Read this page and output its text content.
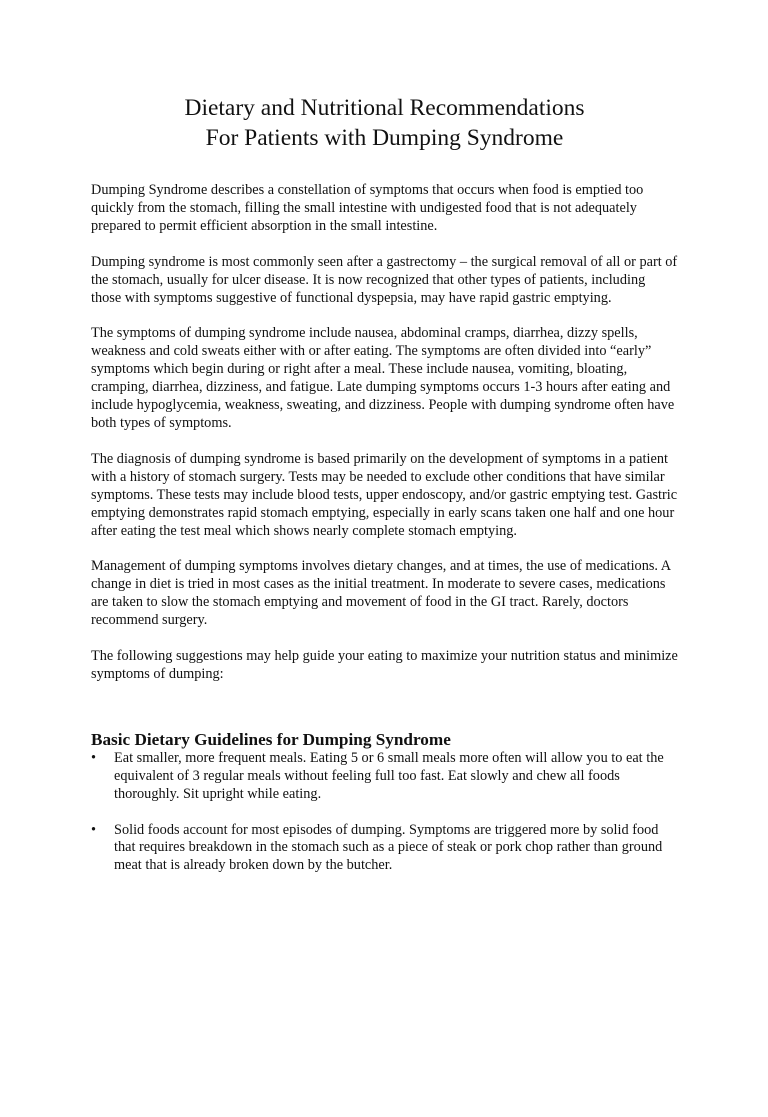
Dietary and Nutritional Recommendations
For Patients with Dumping Syndrome

Dumping Syndrome describes a constellation of symptoms that occurs when food is emptied too quickly from the stomach, filling the small intestine with undigested food that is not adequately prepared to permit efficient absorption in the small intestine.

Dumping syndrome is most commonly seen after a gastrectomy – the surgical removal of all or part of the stomach, usually for ulcer disease. It is now recognized that other types of patients, including those with symptoms suggestive of functional dyspepsia, may have rapid gastric emptying.

The symptoms of dumping syndrome include nausea, abdominal cramps, diarrhea, dizzy spells, weakness and cold sweats either with or after eating. The symptoms are often divided into “early” symptoms which begin during or right after a meal. These include nausea, vomiting, bloating, cramping, diarrhea, dizziness, and fatigue. Late dumping symptoms occurs 1-3 hours after eating and include hypoglycemia, weakness, sweating, and dizziness. People with dumping syndrome often have both types of symptoms.

The diagnosis of dumping syndrome is based primarily on the development of symptoms in a patient with a history of stomach surgery. Tests may be needed to exclude other conditions that have similar symptoms. These tests may include blood tests, upper endoscopy, and/or gastric emptying test. Gastric emptying demonstrates rapid stomach emptying, especially in early scans taken one half and one hour after eating the test meal which shows nearly complete stomach emptying.

Management of dumping symptoms involves dietary changes, and at times, the use of medications. A change in diet is tried in most cases as the initial treatment. In moderate to severe cases, medications are taken to slow the stomach emptying and movement of food in the GI tract. Rarely, doctors recommend surgery.

The following suggestions may help guide your eating to maximize your nutrition status and minimize symptoms of dumping:

Basic Dietary Guidelines for Dumping Syndrome
• Eat smaller, more frequent meals. Eating 5 or 6 small meals more often will allow you to eat the equivalent of 3 regular meals without feeling full too fast. Eat slowly and chew all foods thoroughly. Sit upright while eating.
• Solid foods account for most episodes of dumping. Symptoms are triggered more by solid food that requires breakdown in the stomach such as a piece of steak or pork chop rather than ground meat that is already broken down by the butcher.
